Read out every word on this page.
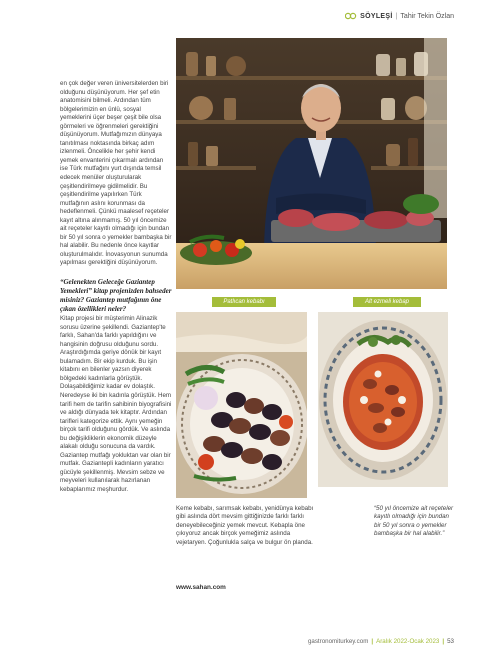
SÖYLEŞİ | Tahir Tekin Özlan

en çok değer veren üniversitelerden biri olduğunu düşünüyorum. Her şef etin anatomisini bilmeli. Ardından tüm bölgelerimizin en ünlü, sosyal yemeklerini üçer beşer çeşit bile olsa görmeleri ve öğrenmeleri gerektiğini düşünüyorum. Mutfağımızın dünyaya tanıtılması noktasında birkaç adım izlenmeli. Öncelikle her şehir kendi yemek envanterini çıkarmalı ardından ise Türk mutfağını yurt dışında temsil edecek menüler oluşturularak çeşitlendirilmeye gidilmelidir. Bu çeşitlendirilme yapılırken Türk mutfağının aslını korunması da hedeflenmeli. Çünkü maalesef reçeteler kayıt altına alınmamış. 50 yıl öncemize ait reçeteler kayıtlı olmadığı için bundan bir 50 yıl sonra o yemekler bambaşka bir hal alabilir. Bu nedenle önce kayıtlar oluşturulmalıdır. İnovasyonun sunumda yapılması gerektiğini düşünüyorum.

“Gelenekten Geleceğe Gaziantep Yemekleri” kitap projenizden bahseder misiniz? Gaziantep mutfağının öne çıkan özellikleri neler?

Kitap projesi bir müşterimin Alinazik sorusu üzerine şekillendi. Gaziantep'te farklı, Sahan'da farklı yapıldığını ve hangisinin doğrusu olduğunu sordu. Araştırdığımda geriye dönük bir kayıt bulamadım. Bir ekip kurduk. Bu işin kitabını en bilenler yazsın diyerek bölgedeki kadınlarla görüştük. Dolaşabildiğimiz kadar ev dolaştık. Neredeyse iki bin kadınla görüştük. Hem tarifi hem de tarifin sahibinin biyografisini ve aldığı dünyada tek kitaptır. Ardından tarifleri kategorize ettik. Aynı yemeğin birçok tarifi olduğunu gördük. Ve aslında bu değişikliklerin ekonomik düzeyle alakalı olduğu sonucuna da vardık. Gaziantep mutfağı yokluktan var olan bir mutfak. Gaziantepli kadınların yaratıcı gücüyle şekillenmiş. Mevsim sebze ve meyveleri kullanılarak hazırlanan kebaplarımız meşhurdur.

Patlıcan kebabı	Alt ezmeli kebap
Keme kebabı, sarımsak kebabı, yenidünya kebabı gibi aslında dört mevsim gittiğinizde farklı farklı deneyebileceğiniz yemek mevcut. Kebapla öne çıkıyoruz ancak birçok yemeğimiz aslında vejetaryen. Çoğunlukla salça ve bulgur ön planda.
www.sahan.com
“50 yıl öncemize ait reçeteler kayıtlı olmadığı için bundan bir 50 yıl sonra o yemekler bambaşka bir hal alabilir.”
gastronomiturkey.com | Aralık 2022-Ocak 2023 | 53
